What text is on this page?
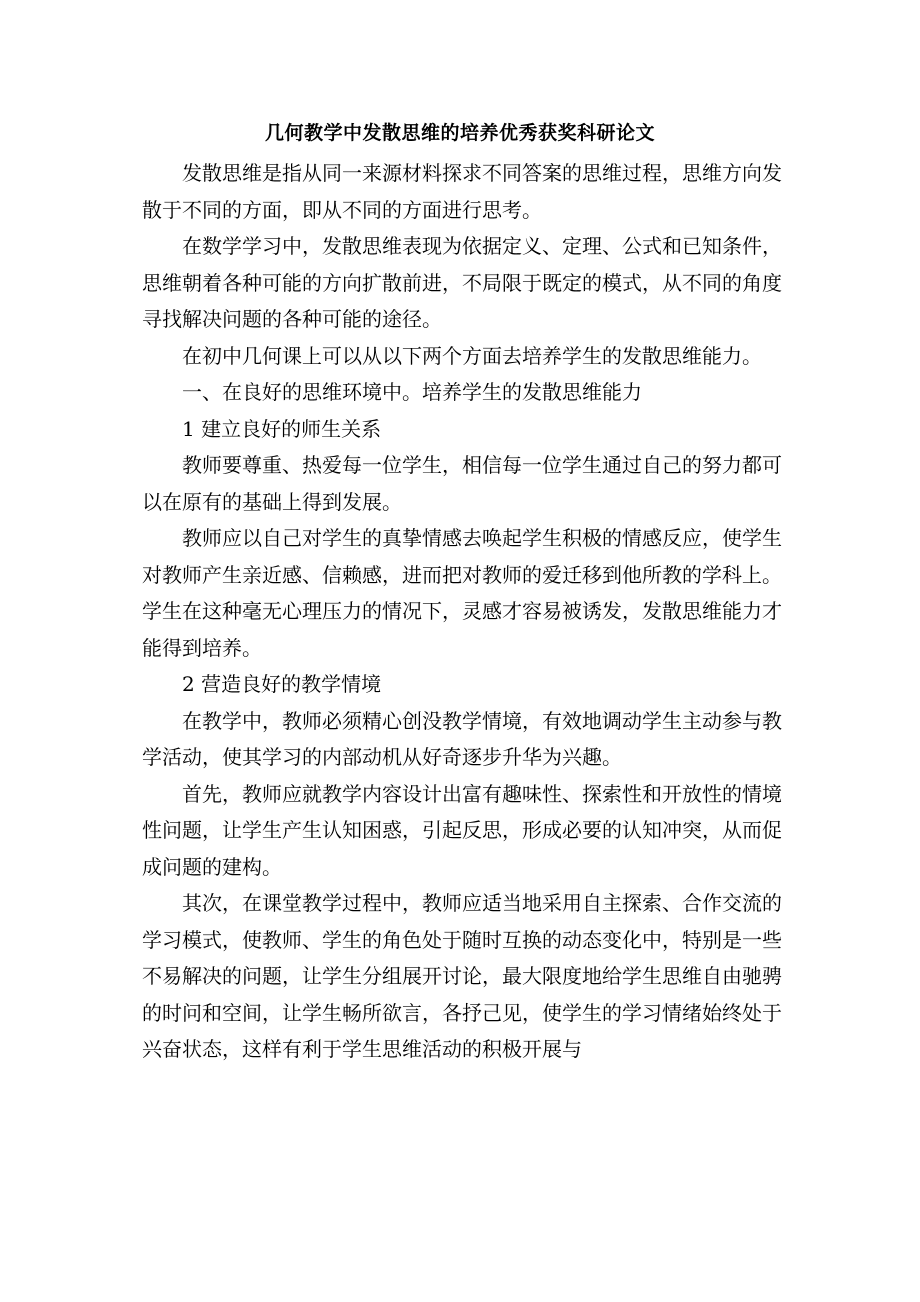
几何教学中发散思维的培养优秀获奖科研论文

发散思维是指从同一来源材料探求不同答案的思维过程，思维方向发散于不同的方面，即从不同的方面进行思考。

在数学学习中，发散思维表现为依据定义、定理、公式和已知条件，思维朝着各种可能的方向扩散前进，不局限于既定的模式，从不同的角度寻找解决问题的各种可能的途径。

在初中几何课上可以从以下两个方面去培养学生的发散思维能力。

一、在良好的思维环境中。培养学生的发散思维能力

1 建立良好的师生关系

教师要尊重、热爱每一位学生，相信每一位学生通过自己的努力都可以在原有的基础上得到发展。

教师应以自己对学生的真挚情感去唤起学生积极的情感反应，使学生对教师产生亲近感、信赖感，进而把对教师的爱迁移到他所教的学科上。学生在这种毫无心理压力的情况下，灵感才容易被诱发，发散思维能力才能得到培养。

2 营造良好的教学情境

在教学中，教师必须精心创没教学情境，有效地调动学生主动参与教学活动，使其学习的内部动机从好奇逐步升华为兴趣。

首先，教师应就教学内容设计出富有趣味性、探索性和开放性的情境性问题，让学生产生认知困惑，引起反思，形成必要的认知冲突，从而促成问题的建构。

其次，在课堂教学过程中，教师应适当地采用自主探索、合作交流的学习模式，使教师、学生的角色处于随时互换的动态变化中，特别是一些不易解决的问题，让学生分组展开讨论，最大限度地给学生思维自由驰骋的时问和空间，让学生畅所欲言，各抒己见，使学生的学习情绪始终处于兴奋状态，这样有利于学生思维活动的积极开展与
